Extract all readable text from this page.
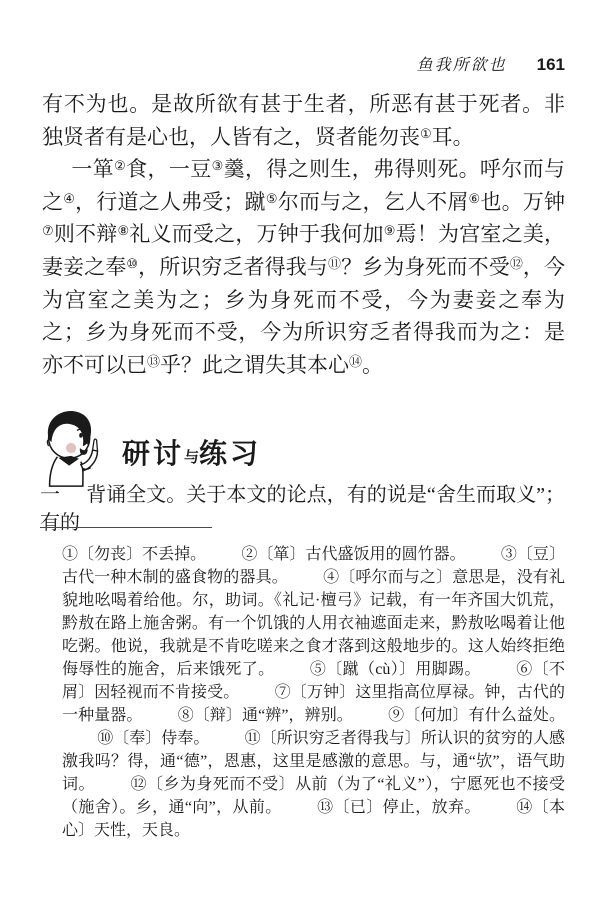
鱼我所欲也 161

有不为也。是故所欲有甚于生者，所恶有甚于死者。非独贤者有是心也，人皆有之，贤者能勿丧①耳。

一箪②食，一豆③羹，得之则生，弗得则死。呼尔而与之④，行道之人弗受；蹴⑤尔而与之，乞人不屑⑥也。万钟⑦则不辩⑧礼义而受之，万钟于我何加⑨焉！为宫室之美，妻妾之奉⑩，所识穷乏者得我与⑪？乡为身死而不受⑫，今为宫室之美为之；乡为身死而不受，今为妻妾之奉为之；乡为身死而不受，今为所识穷乏者得我而为之：是亦不可以已⑬乎？此之谓失其本心⑭。

研讨与练习

一 背诵全文。关于本文的论点，有的说是“舍生而取义”；有的

①〔勿丧〕不丢掉。 ②〔箪〕古代盛饭用的圆竹器。 ③〔豆〕古代一种木制的盛食物的器具。 ④〔呼尔而与之〕意思是，没有礼貌地吆喝着给他。尔，助词。《礼记·檀弓》记载，有一年齐国大饥荒，黔敖在路上施舍粥。有一个饥饿的人用衣袖遮面走来，黔敖吆喝着让他吃粥。他说，我就是不肯吃嗟来之食才落到这般地步的。这人始终拒绝侮辱性的施舍，后来饿死了。 ⑤〔蹴（cù）〕用脚踢。 ⑥〔不屑〕因轻视而不肯接受。 ⑦〔万钟〕这里指高位厚禄。钟，古代的一种量器。 ⑧〔辩〕通“辨”，辨别。 ⑨〔何加〕有什么益处。⑩〔奉〕侍奉。 ⑪〔所识穷乏者得我与〕所认识的贫穷的人感激我吗？得，通“德”，恩惠，这里是感激的意思。与，通“欤”，语气助词。 ⑫〔乡为身死而不受〕从前（为了“礼义”），宁愿死也不接受（施舍）。乡，通“向”，从前。 ⑬〔已〕停止，放弃。 ⑭〔本心〕天性，天良。
